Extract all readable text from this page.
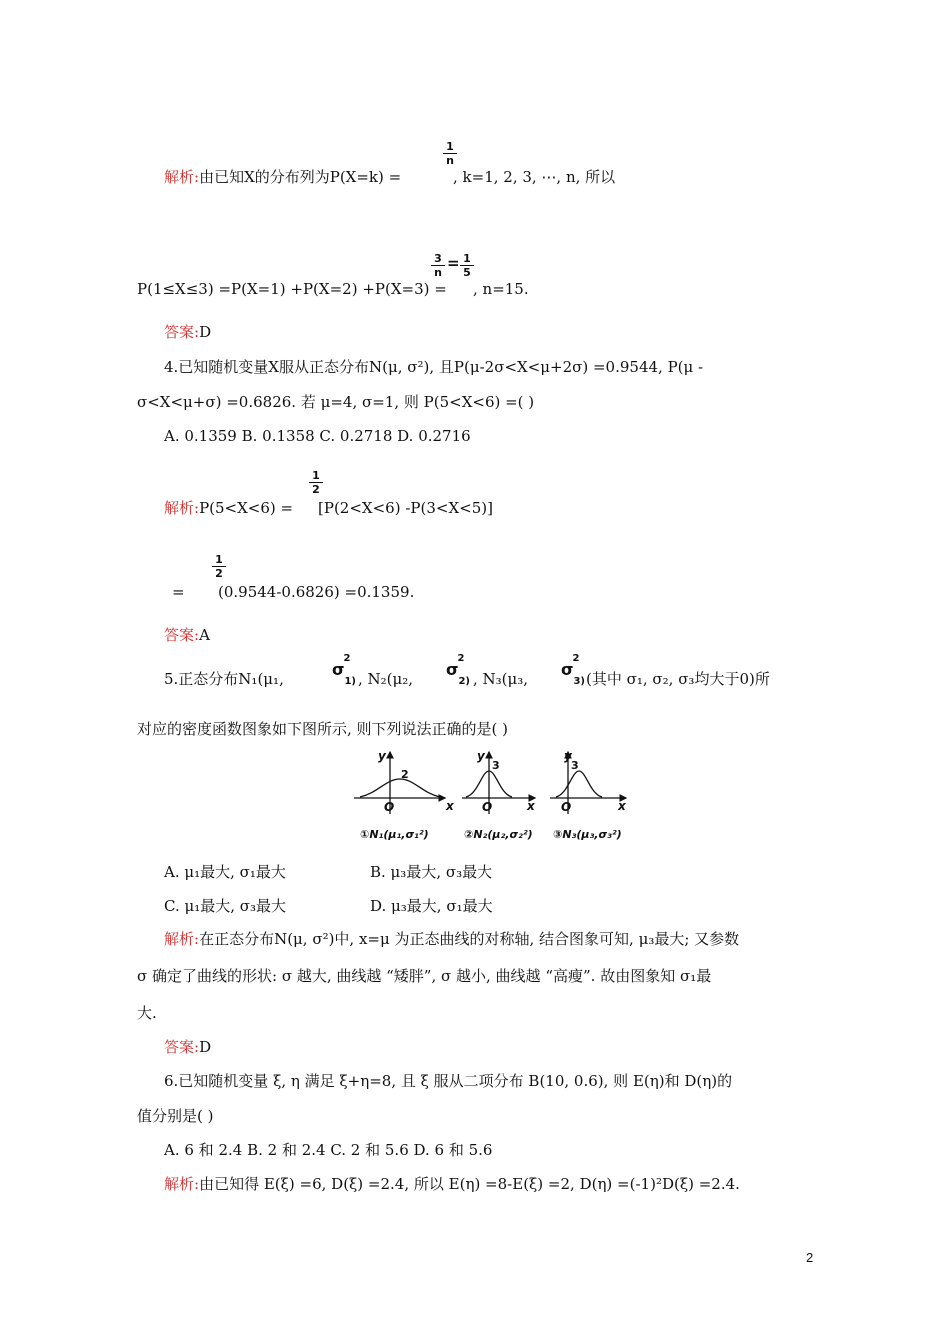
解析:由已知X的分布列为P(X=k) =
1
n
, k=1, 2, 3, ⋯, n, 所以
P(1≤X≤3) =P(X=1) +P(X=2) +P(X=3) =
3
n
= 1
5
, n=15.
答案:D
4.已知随机变量X服从正态分布N(μ, σ²), 且P(μ-2σ<X<μ+2σ) =0.9544, P(μ -
σ<X<μ+σ) =0.6826. 若 μ=4, σ=1, 则 P(5<X<6) =( )
A. 0.1359 B. 0.1358 C. 0.2718 D. 0.2716
解析:P(5<X<6) =
1
2
[P(2<X<6) -P(3<X<5)]
=
1
2
(0.9544-0.6826) =0.1359.
答案:A
5.正态分布N₁(μ₁,	$\sigma^2_{1)}$ , N₂(μ₂, $\sigma^2_{2)}$ , N₃(μ₃, $\sigma^2_{3)}$ (其中 σ₁, σ₂, σ₃均大于0)所
对应的密度函数图象如下图所示, 则下列说法正确的是( )
y
x
O
y
x
O
y
x
O
2
3	3
①N₁(μ₁,σ₁²)	②N₂(μ₂,σ₂²) ③N₃(μ₃,σ₃²)
A. μ₁最大, σ₁最大	B. μ₃最大, σ₃最大
C. μ₁最大, σ₃最大	D. μ₃最大, σ₁最大
解析:在正态分布N(μ, σ²)中, x=μ 为正态曲线的对称轴, 结合图象可知, μ₃最大; 又参数
σ 确定了曲线的形状: σ 越大, 曲线越 “矮胖”, σ 越小, 曲线越 “高瘦”. 故由图象知 σ₁最
大.
答案:D
6.已知随机变量 ξ, η 满足 ξ+η=8, 且 ξ 服从二项分布 B(10, 0.6), 则 E(η)和 D(η)的
值分别是( )
A. 6 和 2.4 B. 2 和 2.4 C. 2 和 5.6 D. 6 和 5.6
解析:由已知得 E(ξ) =6, D(ξ) =2.4, 所以 E(η) =8-E(ξ) =2, D(η) =(-1)²D(ξ) =2.4.
2
